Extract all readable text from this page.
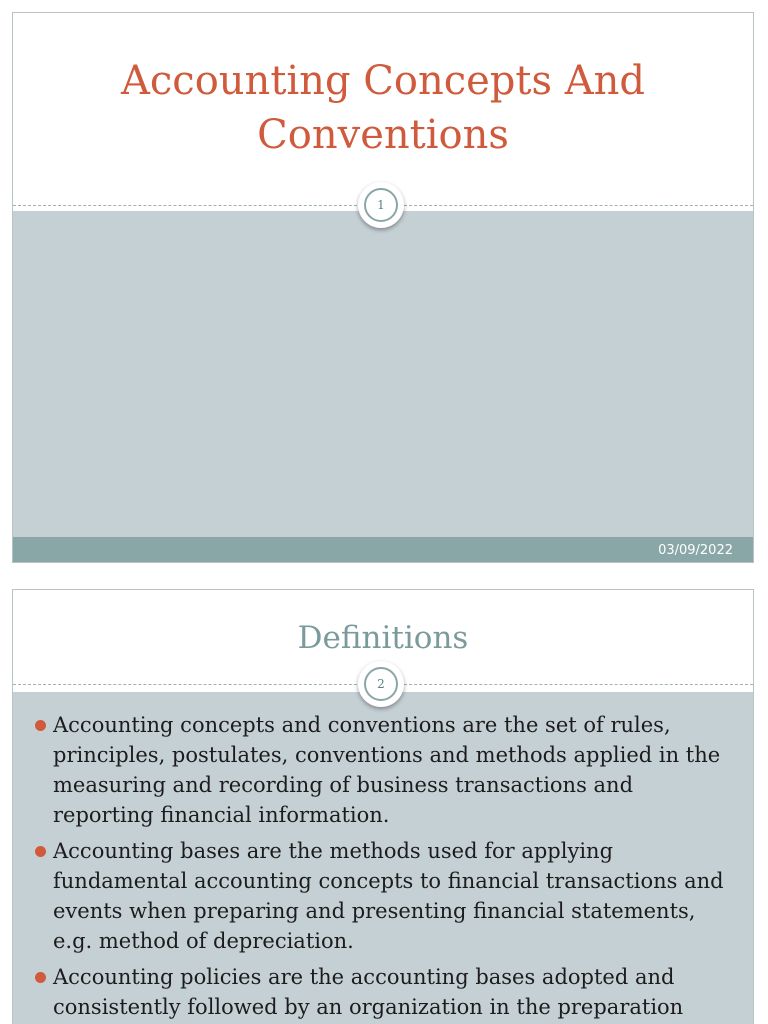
Accounting Concepts And Conventions
1
03/09/2022
Definitions
Accounting concepts and conventions are the set of rules, principles, postulates, conventions and methods applied in the measuring and recording of business transactions and reporting financial information.
Accounting bases are the methods used for applying fundamental accounting concepts to financial transactions and events when preparing and presenting financial statements, e.g. method of depreciation.
Accounting policies are the accounting bases adopted and consistently followed by an organization in the preparation
2
